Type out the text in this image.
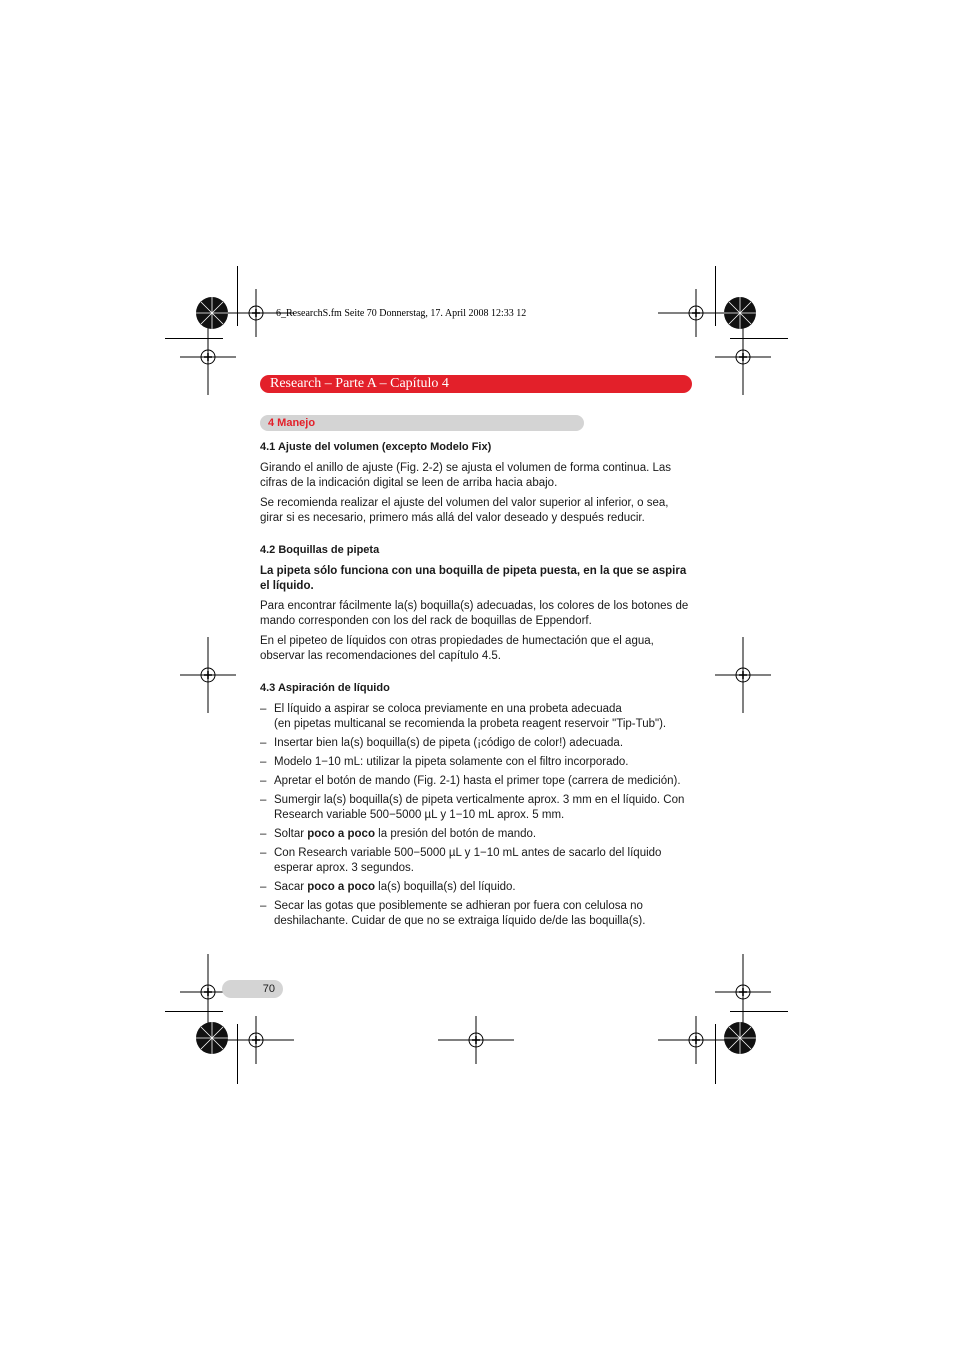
6_ResearchS.fm Seite 70 Donnerstag, 17. April 2008 12:33 12
Research – Parte A – Capítulo 4
4 Manejo
4.1 Ajuste del volumen (excepto Modelo Fix)

Girando el anillo de ajuste (Fig. 2-2) se ajusta el volumen de forma continua. Las cifras de la indicación digital se leen de arriba hacia abajo.

Se recomienda realizar el ajuste del volumen del valor superior al inferior, o sea, girar si es necesario, primero más allá del valor deseado y después reducir.

4.2 Boquillas de pipeta

La pipeta sólo funciona con una boquilla de pipeta puesta, en la que se aspira el líquido.

Para encontrar fácilmente la(s) boquilla(s) adecuadas, los colores de los botones de mando corresponden con los del rack de boquillas de Eppendorf.

En el pipeteo de líquidos con otras propiedades de humectación que el agua, observar las recomendaciones del capítulo 4.5.

4.3 Aspiración de líquido
– El líquido a aspirar se coloca previamente en una probeta adecuada
(en pipetas multicanal se recomienda la probeta reagent reservoir "Tip-Tub").
– Insertar bien la(s) boquilla(s) de pipeta (¡código de color!) adecuada.
– Modelo 1−10 mL: utilizar la pipeta solamente con el filtro incorporado.
– Apretar el botón de mando (Fig. 2-1) hasta el primer tope (carrera de medición).
– Sumergir la(s) boquilla(s) de pipeta verticalmente aprox. 3 mm en el líquido. Con Research variable 500−5000 µL y 1−10 mL aprox. 5 mm.
– Soltar poco a poco la presión del botón de mando.
– Con Research variable 500−5000 µL y 1−10 mL antes de sacarlo del líquido esperar aprox. 3 segundos.
– Sacar poco a poco la(s) boquilla(s) del líquido.
– Secar las gotas que posiblemente se adhieran por fuera con celulosa no deshilachante. Cuidar de que no se extraiga líquido de/de las boquilla(s).
70
